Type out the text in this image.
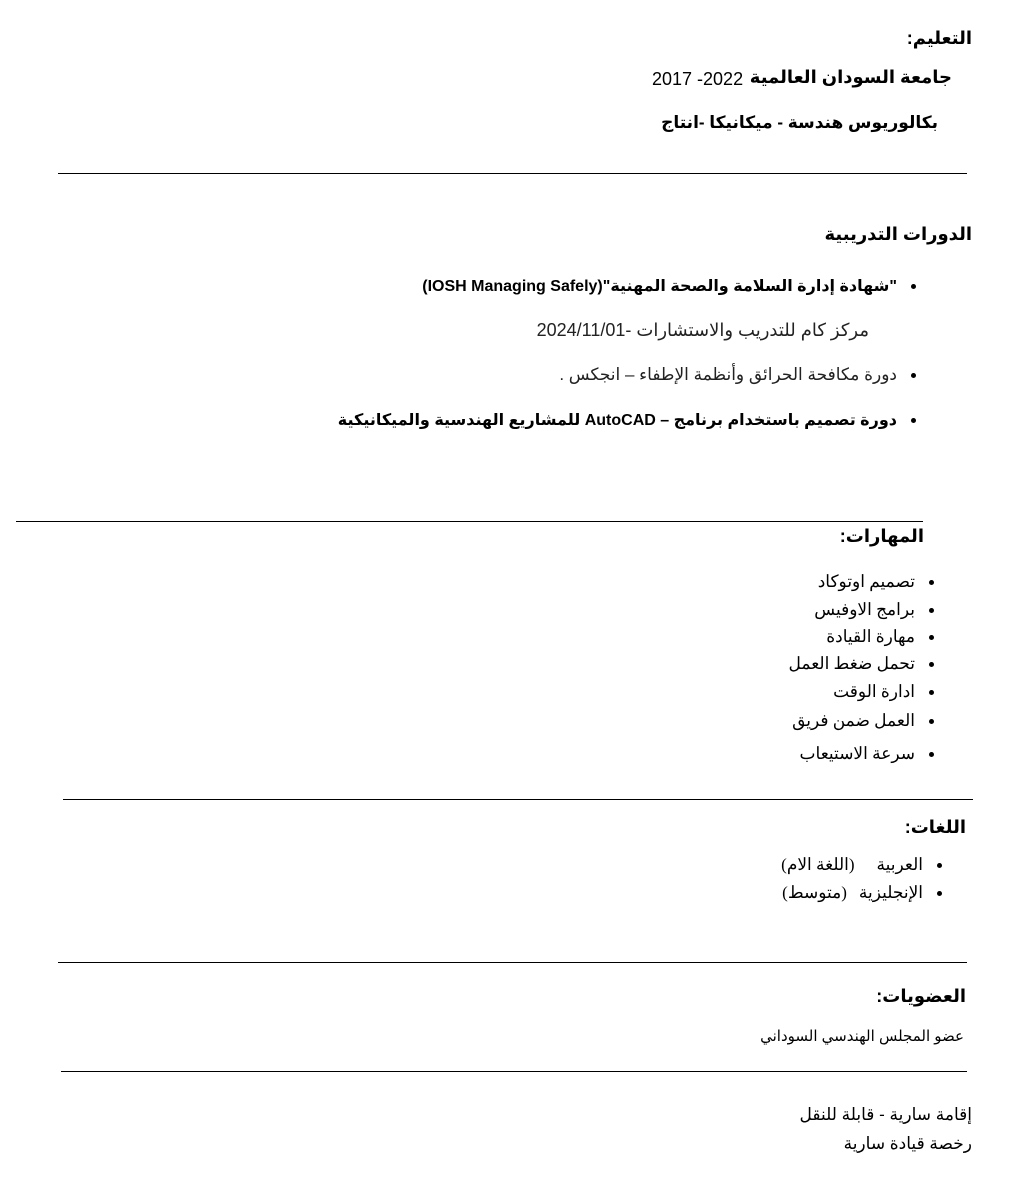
التعليم:
جامعة السودان العالمية
2017 -2022
بكالوريوس هندسة - ميكانيكا -انتاج
الدورات التدريبية
"شهادة إدارة السلامة والصحة المهنية"(IOSH Managing Safely)
مركز كام للتدريب والاستشارات -2024/11/01
دورة مكافحة الحرائق وأنظمة الإطفاء – انجكس .
دورة تصميم باستخدام برنامج – AutoCAD للمشاريع الهندسية والميكانيكية
المهارات:
تصميم اوتوكاد
برامج الاوفيس
مهارة القيادة
تحمل ضغط العمل
ادارة الوقت
العمل ضمن فريق
سرعة الاستيعاب
اللغات:
العربية
(اللغة الام)
الإنجليزية
(متوسط)
العضويات:
عضو المجلس الهندسي السوداني
إقامة سارية - قابلة للنقل
رخصة قيادة سارية
